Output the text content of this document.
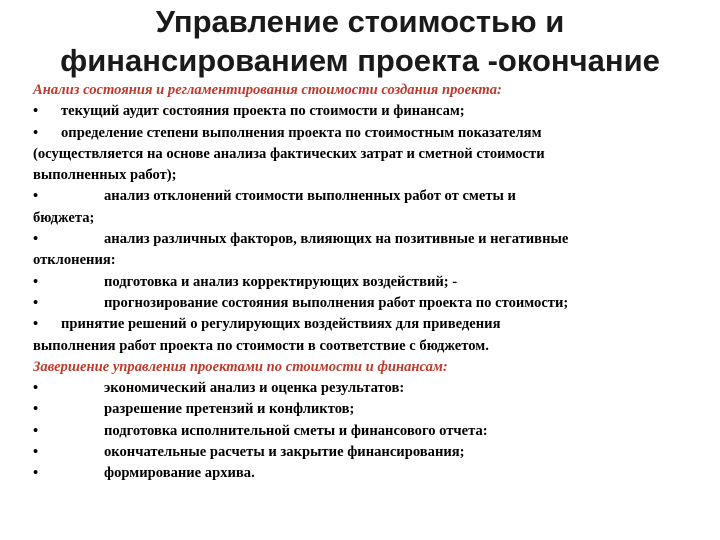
Управление стоимостью и
финансированием проекта -окончание
Анализ состояния и регламентирования стоимости создания проекта:
•	текущий аудит состояния проекта по стоимости и финансам;
•	определение степени выполнения проекта по стоимостным показателям
(осуществляется на основе анализа фактических затрат и сметной стоимости
выполненных работ);
•	анализ отклонений стоимости выполненных работ от сметы и
бюджета;
•	анализ различных факторов, влияющих на позитивные и негативные
отклонения:
•	подготовка и анализ корректирующих воздействий; -
•	прогнозирование состояния выполнения работ проекта по стоимости;
•	принятие решений о регулирующих воздействиях для приведения
выполнения работ проекта по стоимости в соответствие с бюджетом.
Завершение управления проектами по стоимости и финансам:
•	экономический анализ и оценка результатов:
•	разрешение претензий и конфликтов;
•	подготовка исполнительной сметы и финансового отчета:
•	окончательные расчеты и закрытие финансирования;
•	формирование архива.
